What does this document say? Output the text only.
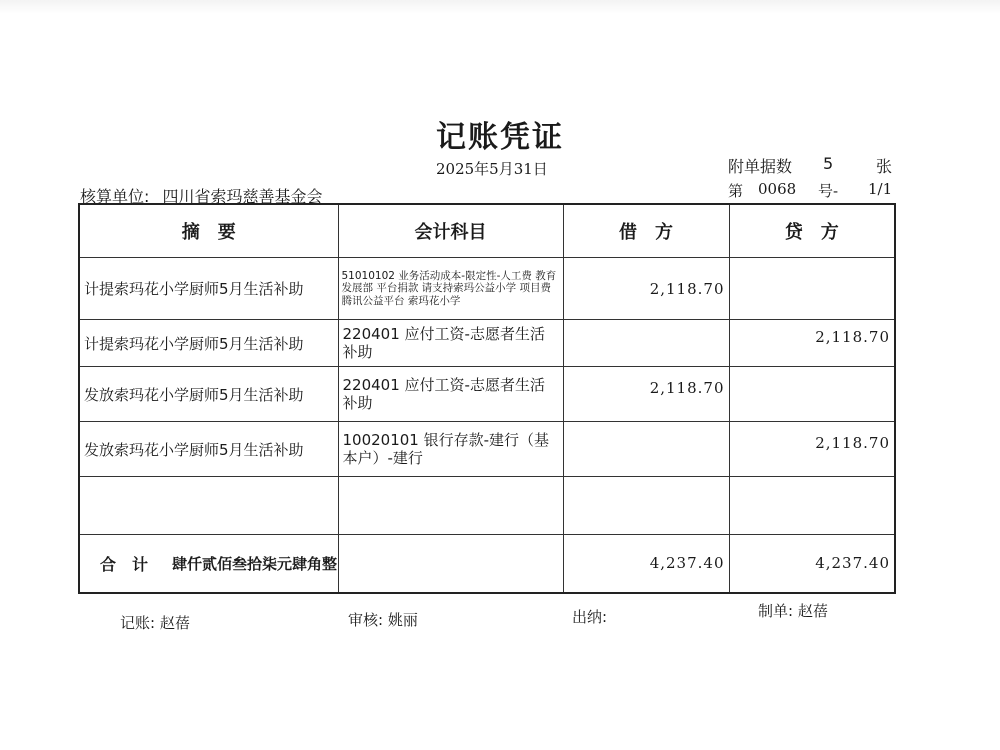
记账凭证
2025年5月31日	附单据数 5	张
核算单位: 四川省索玛慈善基金会	第 0068 号- 1/1
摘　要	会计科目	借　方	贷　方
计提索玛花小学厨师5月生活补助	51010102 业务活动成本-限定性-人工费 教育发展部 平台捐款 请支持索玛公益小学 项目费 腾讯公益平台 索玛花小学	2,118.70	
计提索玛花小学厨师5月生活补助	220401 应付工资-志愿者生活补助		2,118.70
发放索玛花小学厨师5月生活补助	220401 应付工资-志愿者生活补助	2,118.70	
发放索玛花小学厨师5月生活补助	10020101 银行存款-建行（基本户）-建行		2,118.70

合　计 肆仟贰佰叁拾柒元肆角整		4,237.40	4,237.40
记账: 赵蓓	审核: 姚丽	出纳:	制单: 赵蓓
